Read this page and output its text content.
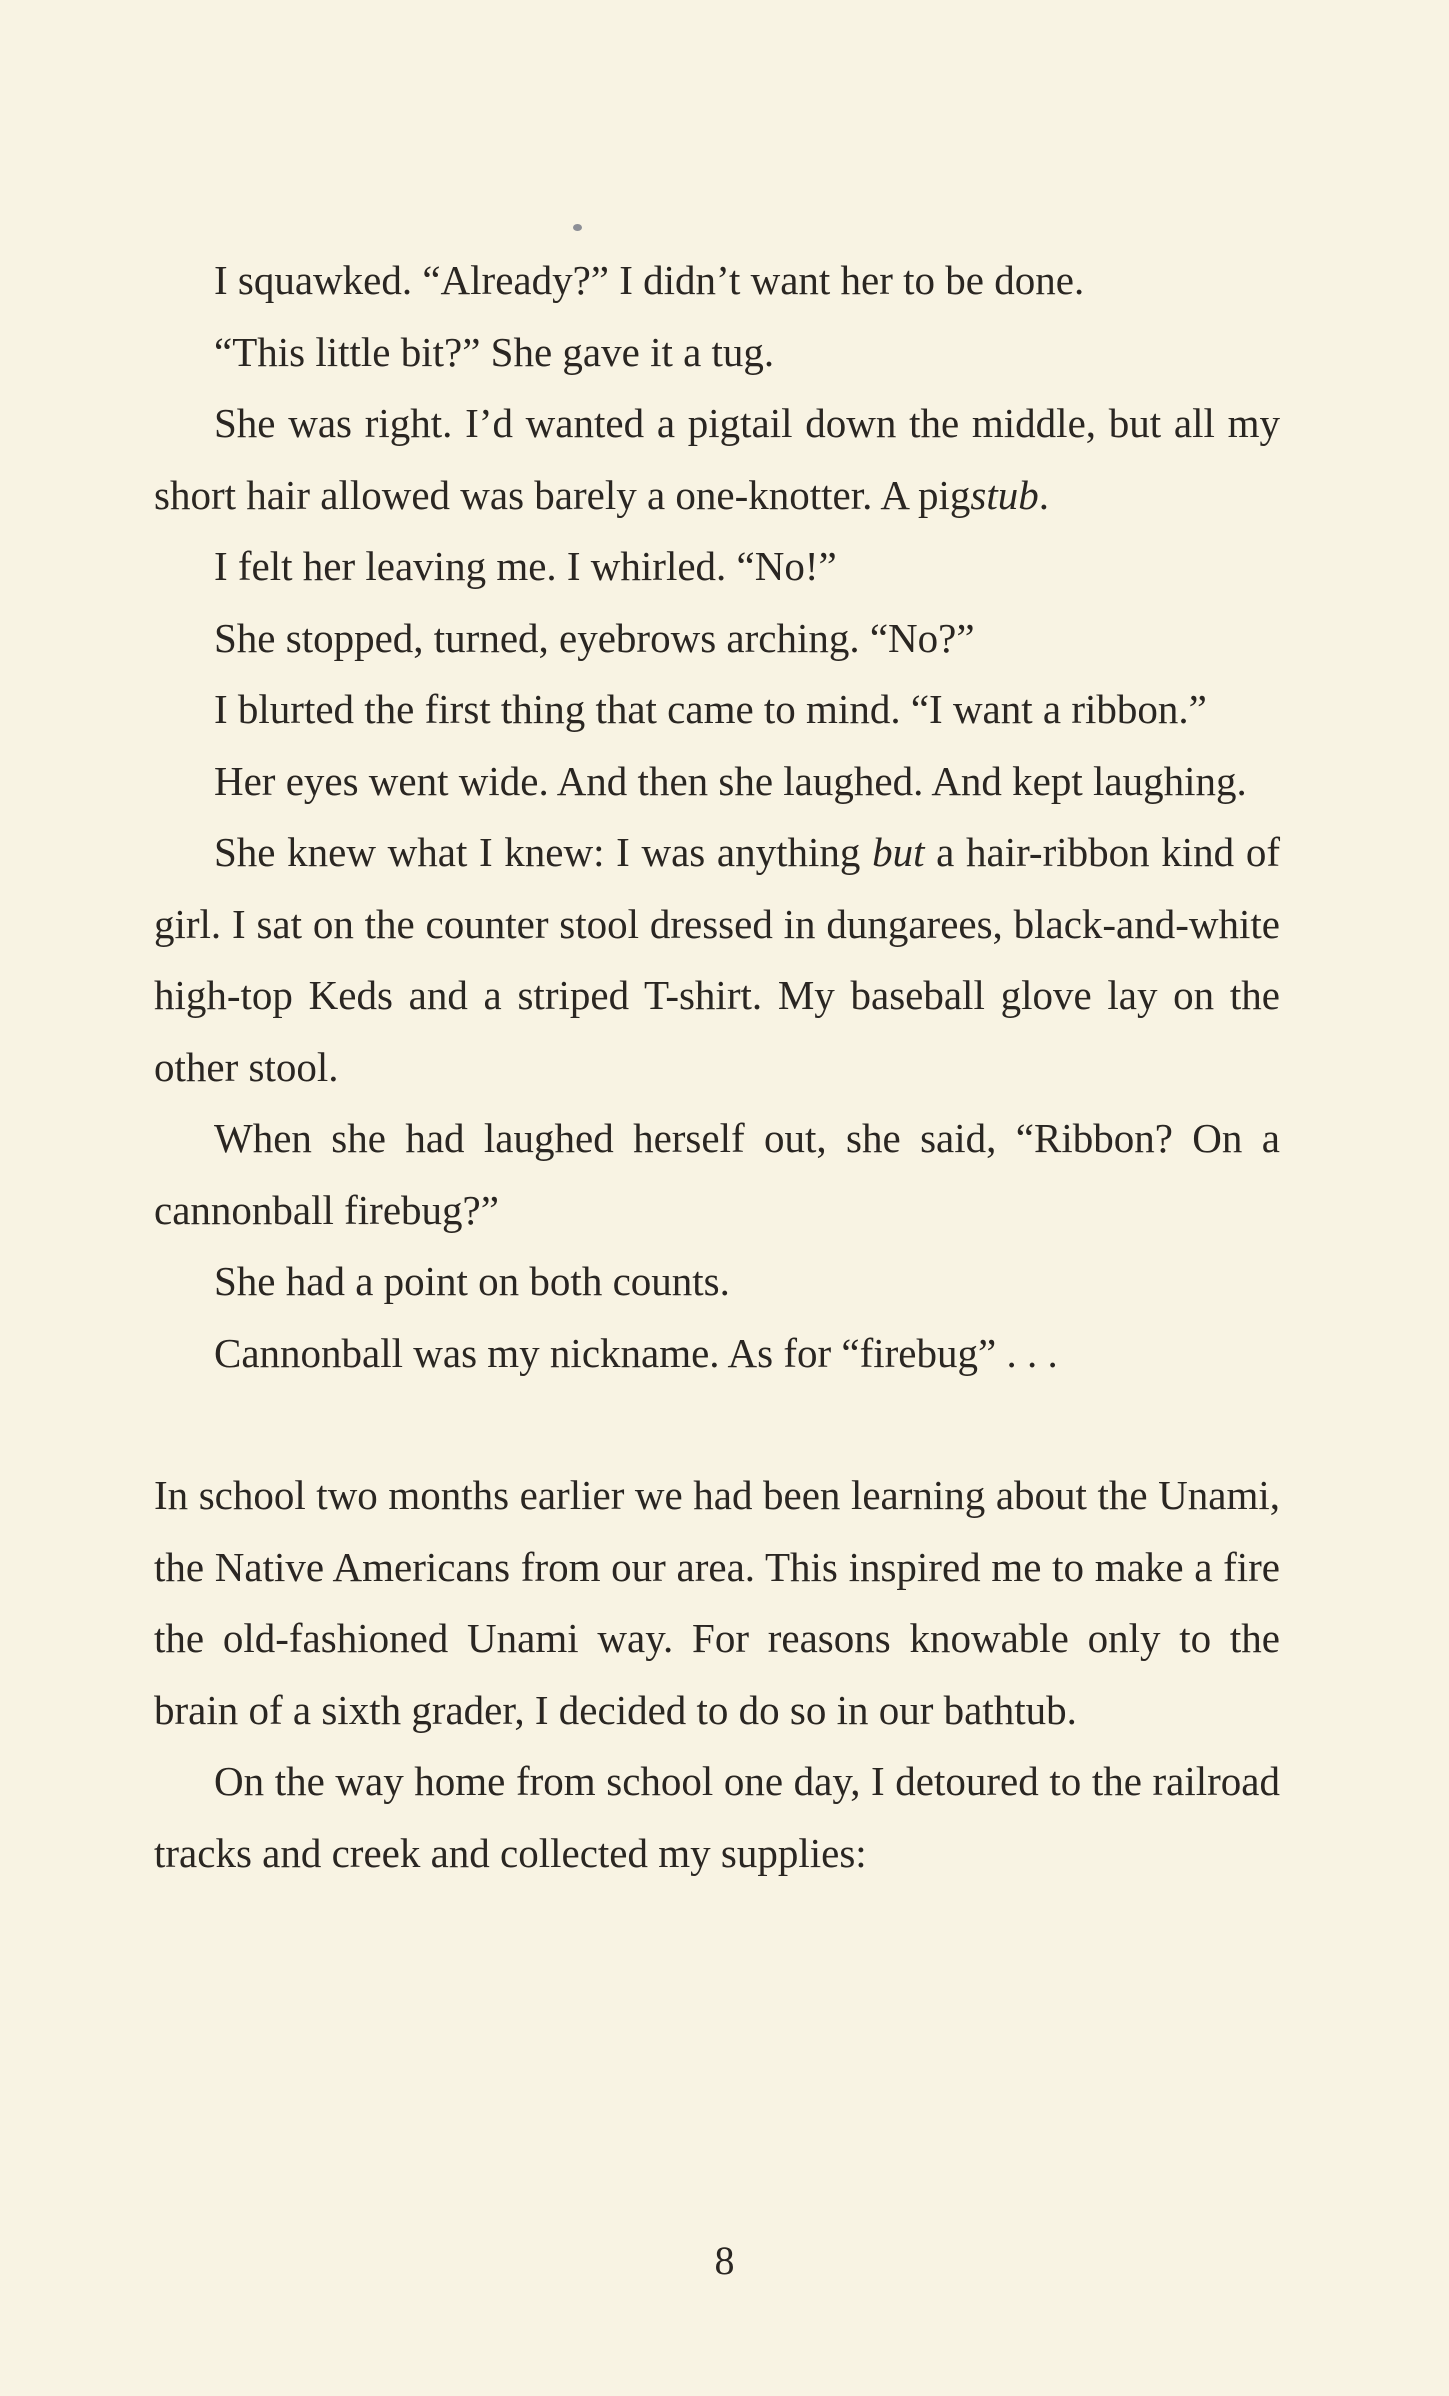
I squawked. “Already?” I didn’t want her to be done.

“This little bit?” She gave it a tug.

She was right. I’d wanted a pigtail down the middle, but all my short hair allowed was barely a one-knotter. A pigstub.

I felt her leaving me. I whirled. “No!”

She stopped, turned, eyebrows arching. “No?”

I blurted the first thing that came to mind. “I want a ribbon.”

Her eyes went wide. And then she laughed. And kept laughing.

She knew what I knew: I was anything but a hair-ribbon kind of girl. I sat on the counter stool dressed in dungarees, black-and-white high-top Keds and a striped T-shirt. My baseball glove lay on the other stool.

When she had laughed herself out, she said, “Ribbon? On a cannonball firebug?”

She had a point on both counts.

Cannonball was my nickname. As for “firebug” . . .

In school two months earlier we had been learning about the Unami, the Native Americans from our area. This inspired me to make a fire the old-fashioned Unami way. For reasons knowable only to the brain of a sixth grader, I decided to do so in our bathtub.

On the way home from school one day, I detoured to the railroad tracks and creek and collected my supplies:

8
